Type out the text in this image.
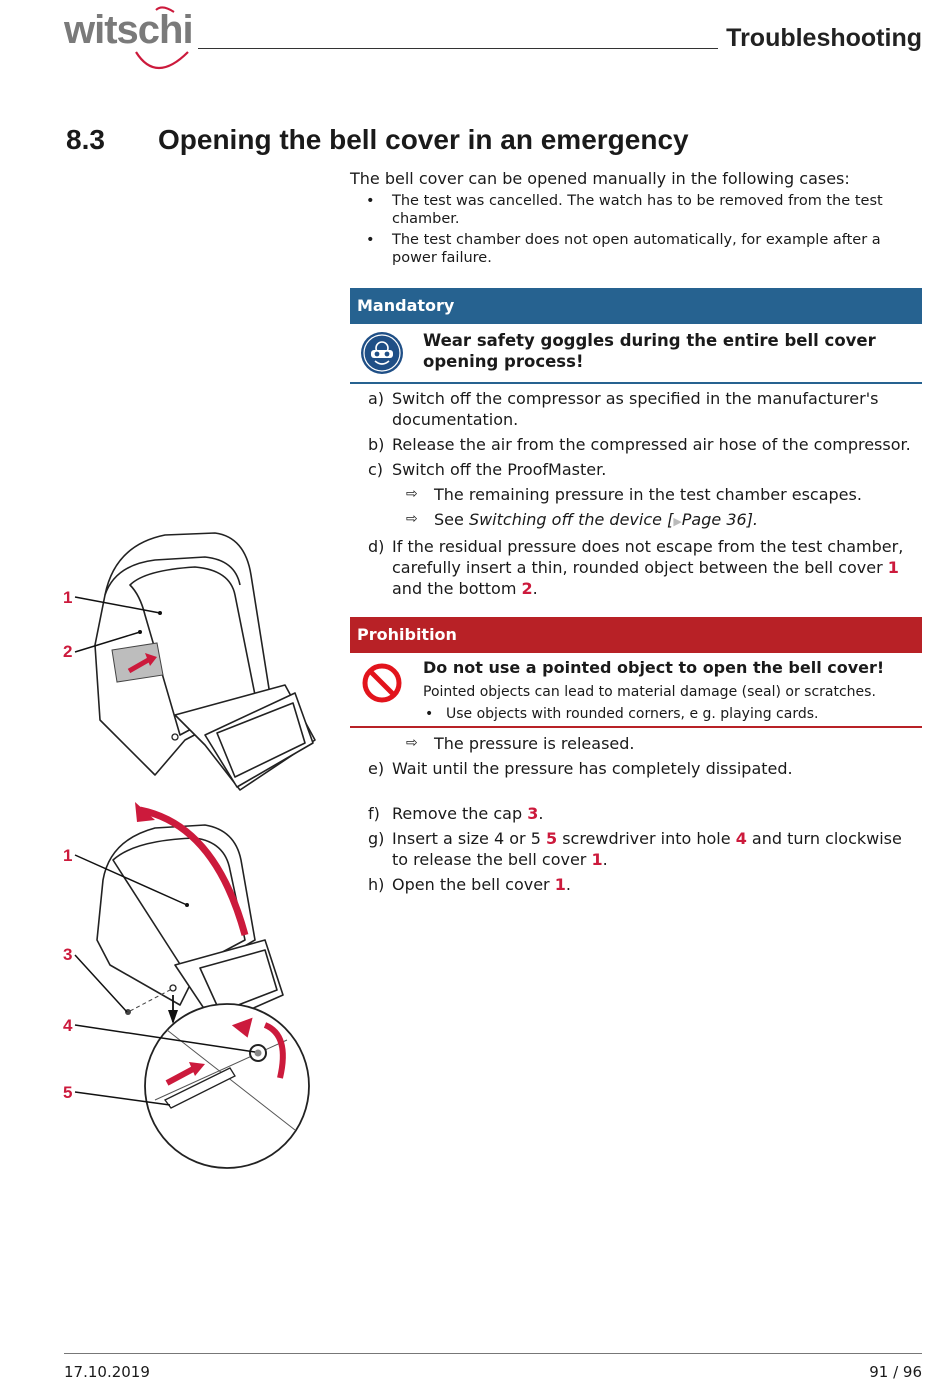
witschi	Troubleshooting
8.3 Opening the bell cover in an emergency
The bell cover can be opened manually in the following cases:
• The test was cancelled. The watch has to be removed from the test chamber.
• The test chamber does not open automatically, for example after a power failure.
Mandatory
Wear safety goggles during the entire bell cover opening process!
a) Switch off the compressor as specified in the manufacturer's documentation.
b) Release the air from the compressed air hose of the compressor.
c) Switch off the ProofMaster.
⇨ The remaining pressure in the test chamber escapes.
⇨ See Switching off the device [▶Page 36].
d) If the residual pressure does not escape from the test chamber, carefully insert a thin, rounded object between the bell cover 1 and the bottom 2.
Prohibition
Do not use a pointed object to open the bell cover!
Pointed objects can lead to material damage (seal) or scratches.
• Use objects with rounded corners, e g. playing cards.
⇨ The pressure is released.
e) Wait until the pressure has completely dissipated.
f) Remove the cap 3.
g) Insert a size 4 or 5 5 screwdriver into hole 4 and turn clockwise to release the bell cover 1.
h) Open the bell cover 1.
1
2
1
3
4
5
17.10.2019	91 / 96
